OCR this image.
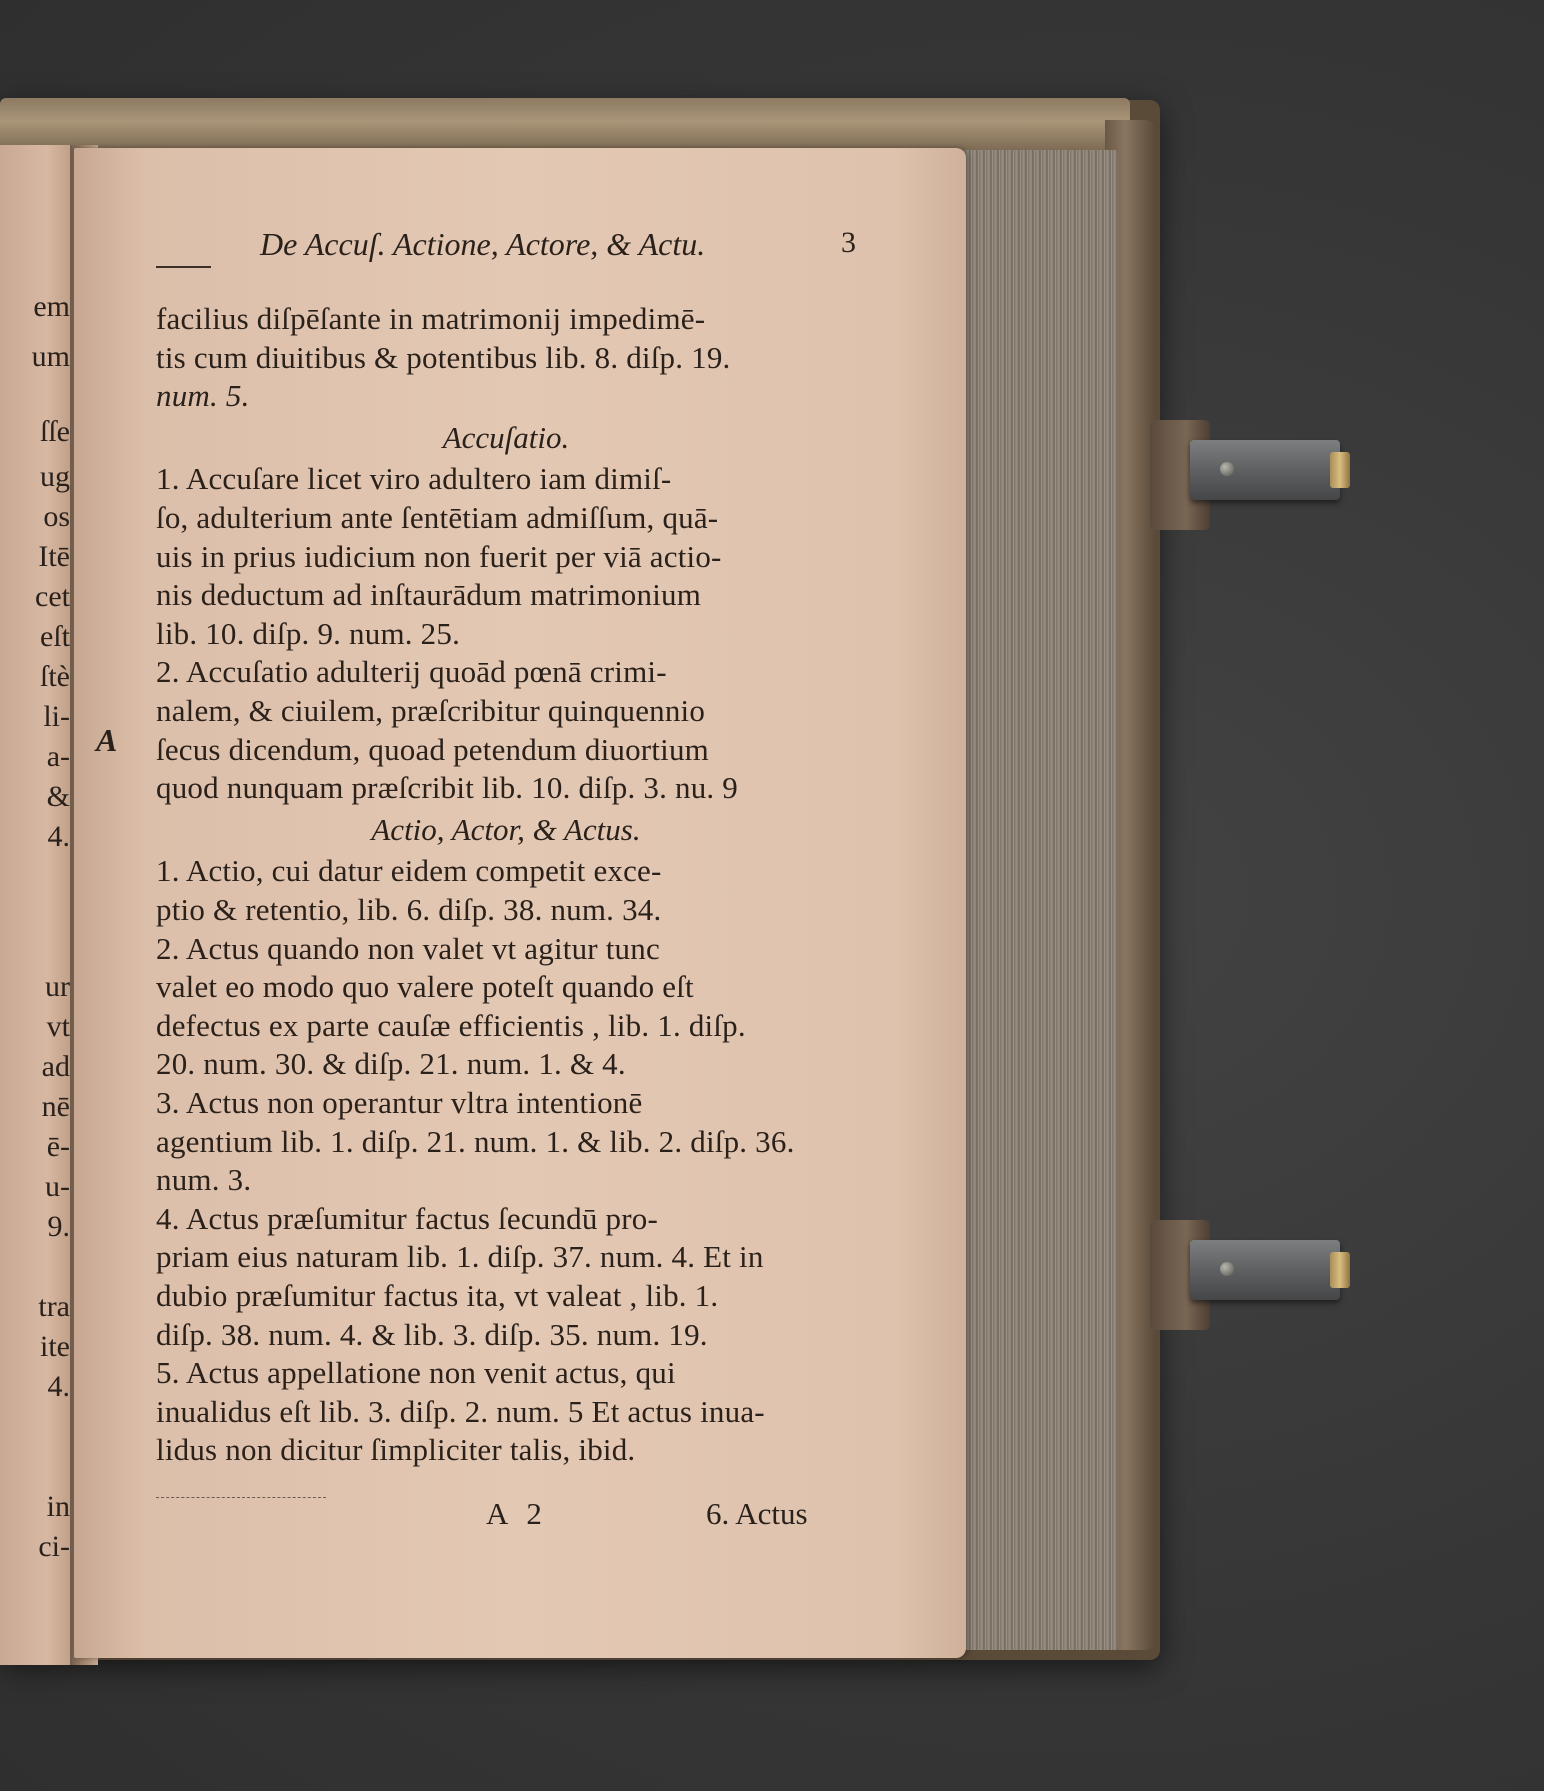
em
um
ſſe
ug
os
Itē
cet
eſt
ſtè
li-
a-
&
4.
ur
vt
ad
nē
ē-
u-
9.
tra
ite
4.
in
ci-
De Accuſ. Actione, Actore, & Actu.	3
A
facilius diſpēſante in matrimonij impedimē-
tis cum diuitibus & potentibus lib. 8. diſp. 19.
num. 5.
Accuſatio.
1. Accuſare licet viro adultero iam dimiſ-
ſo, adulterium ante ſentētiam admiſſum, quā-
uis in prius iudicium non fuerit per viā actio-
nis deductum ad inſtaurādum matrimonium
lib. 10. diſp. 9. num. 25.
2. Accuſatio adulterij quoād pœnā crimi-
nalem, & ciuilem, præſcribitur quinquennio
ſecus dicendum, quoad petendum diuortium
quod nunquam præſcribit lib. 10. diſp. 3. nu. 9
Actio, Actor, & Actus.
1. Actio, cui datur eidem competit exce-
ptio & retentio, lib. 6. diſp. 38. num. 34.
2. Actus quando non valet vt agitur tunc
valet eo modo quo valere poteſt quando eſt
defectus ex parte cauſæ efficientis , lib. 1. diſp.
20. num. 30. & diſp. 21. num. 1. & 4.
3. Actus non operantur vltra intentionē
agentium lib. 1. diſp. 21. num. 1. & lib. 2. diſp. 36.
num. 3.
4. Actus præſumitur factus ſecundū pro-
priam eius naturam lib. 1. diſp. 37. num. 4. Et in
dubio præſumitur factus ita, vt valeat , lib. 1.
diſp. 38. num. 4. & lib. 3. diſp. 35. num. 19.
5. Actus appellatione non venit actus, qui
inualidus eſt lib. 3. diſp. 2. num. 5 Et actus inua-
lidus non dicitur ſimpliciter talis, ibid.
A 2	6. Actus
